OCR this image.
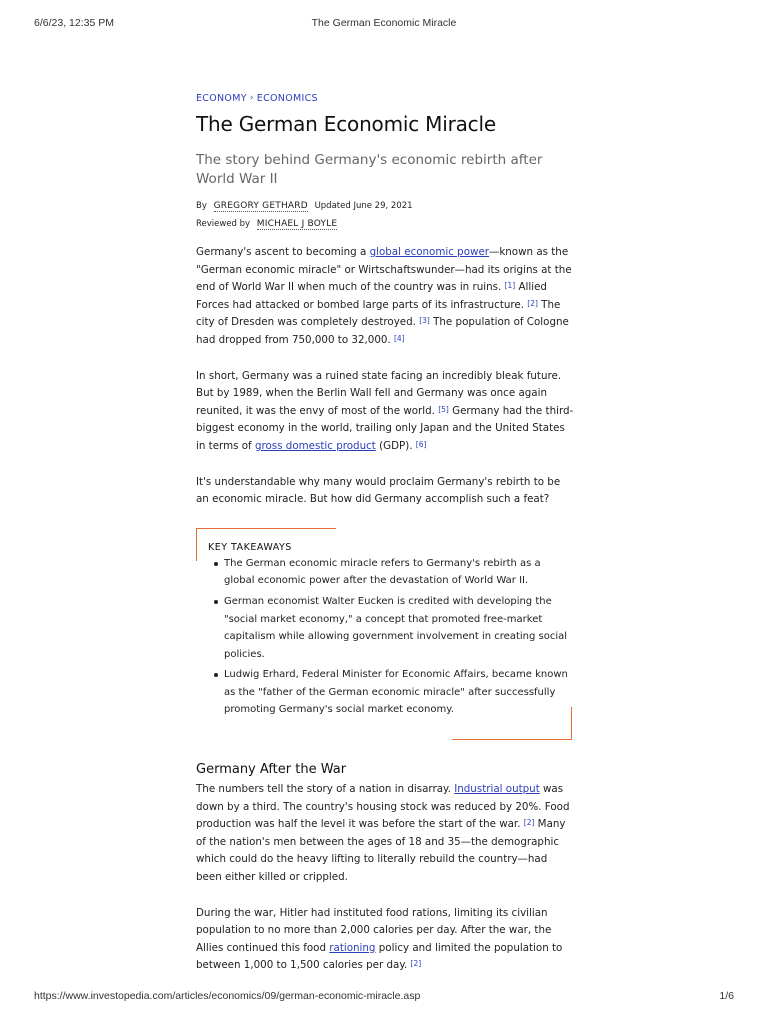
6/6/23, 12:35 PM	The German Economic Miracle
ECONOMY › ECONOMICS
The German Economic Miracle
The story behind Germany's economic rebirth after World War II
By GREGORY GETHARD Updated June 29, 2021
Reviewed by MICHAEL J BOYLE

Germany's ascent to becoming a global economic power—known as the "German economic miracle" or Wirtschaftswunder—had its origins at the end of World War II when much of the country was in ruins. [1] Allied Forces had attacked or bombed large parts of its infrastructure. [2] The city of Dresden was completely destroyed. [3] The population of Cologne had dropped from 750,000 to 32,000. [4]

In short, Germany was a ruined state facing an incredibly bleak future. But by 1989, when the Berlin Wall fell and Germany was once again reunited, it was the envy of most of the world. [5] Germany had the third-biggest economy in the world, trailing only Japan and the United States in terms of gross domestic product (GDP). [6]

It's understandable why many would proclaim Germany's rebirth to be an economic miracle. But how did Germany accomplish such a feat?

KEY TAKEAWAYS
The German economic miracle refers to Germany's rebirth as a global economic power after the devastation of World War II.
German economist Walter Eucken is credited with developing the "social market economy," a concept that promoted free-market capitalism while allowing government involvement in creating social policies.
Ludwig Erhard, Federal Minister for Economic Affairs, became known as the "father of the German economic miracle" after successfully promoting Germany's social market economy.
Germany After the War

The numbers tell the story of a nation in disarray. Industrial output was down by a third. The country's housing stock was reduced by 20%. Food production was half the level it was before the start of the war. [2] Many of the nation's men between the ages of 18 and 35—the demographic which could do the heavy lifting to literally rebuild the country—had been either killed or crippled.

During the war, Hitler had instituted food rations, limiting its civilian population to no more than 2,000 calories per day. After the war, the Allies continued this food rationing policy and limited the population to between 1,000 to 1,500 calories per day. [2]

https://www.investopedia.com/articles/economics/09/german-economic-miracle.asp	1/6
